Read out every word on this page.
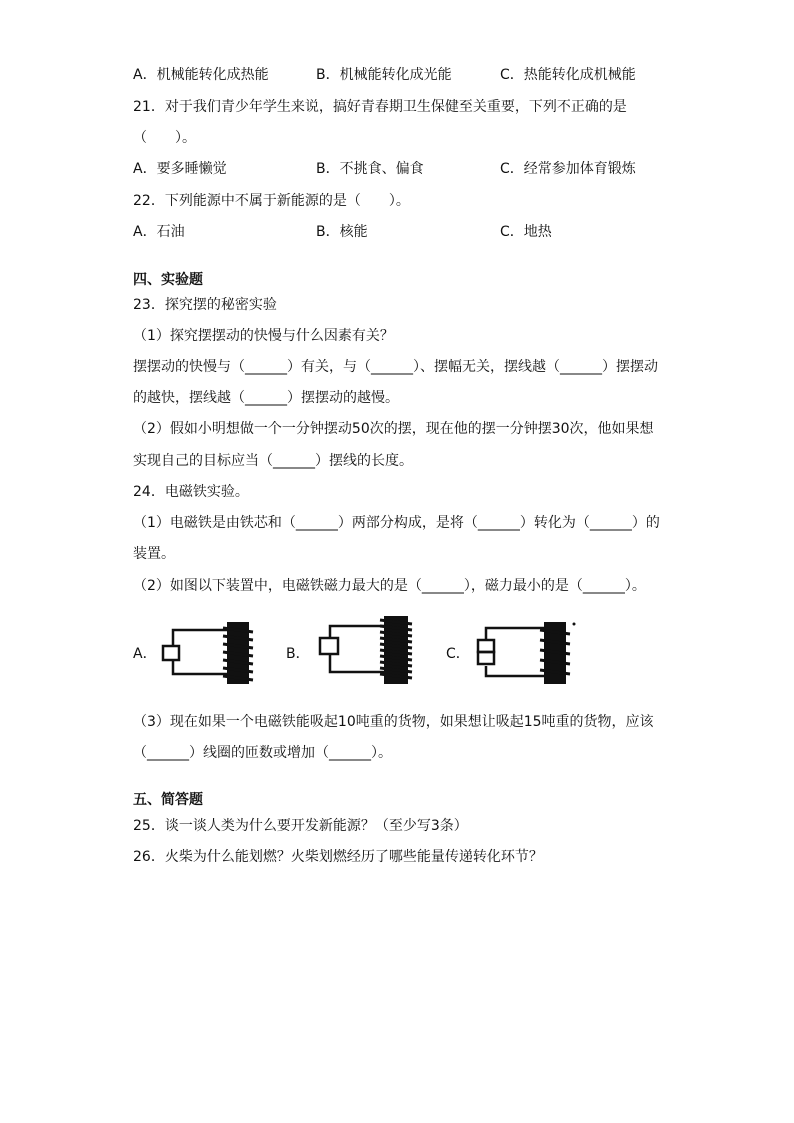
A．机械能转化成热能	B．机械能转化成光能	C．热能转化成机械能
21．对于我们青少年学生来说，搞好青春期卫生保健至关重要，下列不正确的是
（　　）。
A．要多睡懒觉	B．不挑食、偏食	C．经常参加体育锻炼
22．下列能源中不属于新能源的是（　　）。
A．石油	B．核能	C．地热
四、实验题
23．探究摆的秘密实验
（1）探究摆摆动的快慢与什么因素有关？
摆摆动的快慢与（______）有关，与（______）、摆幅无关，摆线越（______）摆摆动
的越快，摆线越（______）摆摆动的越慢。
（2）假如小明想做一个一分钟摆动50次的摆，现在他的摆一分钟摆30次，他如果想
实现自己的目标应当（______）摆线的长度。
24．电磁铁实验。
（1）电磁铁是由铁芯和（______）两部分构成，是将（______）转化为（______）的
装置。
（2）如图以下装置中，电磁铁磁力最大的是（______），磁力最小的是（______）。
A．	B．	C．
（3）现在如果一个电磁铁能吸起10吨重的货物，如果想让吸起15吨重的货物，应该
（______）线圈的匝数或增加（______）。
五、简答题
25．谈一谈人类为什么要开发新能源？（至少写3条）
26．火柴为什么能划燃？火柴划燃经历了哪些能量传递转化环节？
